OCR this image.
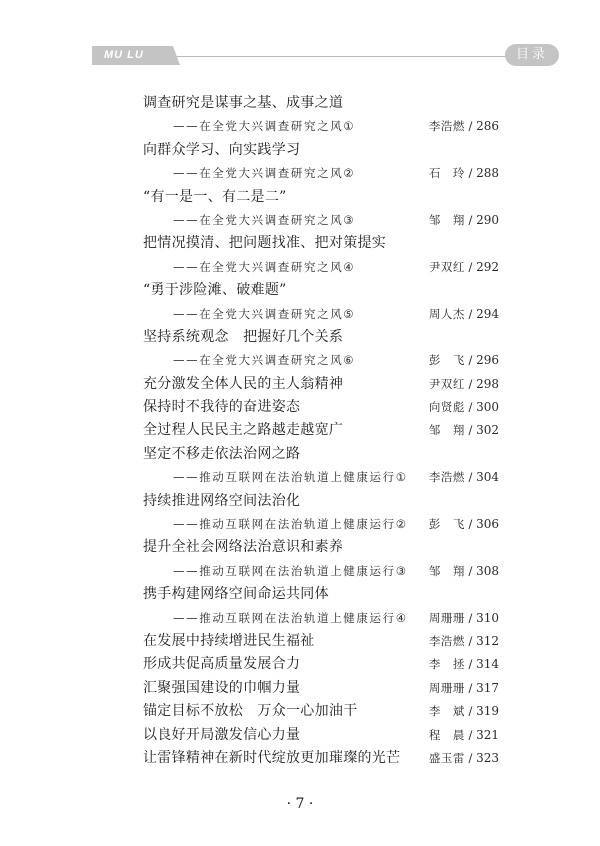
MU LU	目录
调查研究是谋事之基、成事之道
——在全党大兴调查研究之风①	李浩燃 / 286
向群众学习、向实践学习
——在全党大兴调查研究之风②	石　玲 / 288
“有一是一、有二是二”
——在全党大兴调查研究之风③	邹　翔 / 290
把情况摸清、把问题找准、把对策提实
——在全党大兴调查研究之风④	尹双红 / 292
“勇于涉险滩、破难题”
——在全党大兴调查研究之风⑤	周人杰 / 294
坚持系统观念　把握好几个关系
——在全党大兴调查研究之风⑥	彭　飞 / 296
充分激发全体人民的主人翁精神	尹双红 / 298
保持时不我待的奋进姿态	向贤彪 / 300
全过程人民民主之路越走越宽广	邹　翔 / 302
坚定不移走依法治网之路
——推动互联网在法治轨道上健康运行① 李浩燃 / 304
持续推进网络空间法治化
——推动互联网在法治轨道上健康运行② 彭　飞 / 306
提升全社会网络法治意识和素养
——推动互联网在法治轨道上健康运行③ 邹　翔 / 308
携手构建网络空间命运共同体
——推动互联网在法治轨道上健康运行④ 周珊珊 / 310
在发展中持续增进民生福祉	李浩燃 / 312
形成共促高质量发展合力	李　拯 / 314
汇聚强国建设的巾帼力量	周珊珊 / 317
锚定目标不放松　万众一心加油干	李　斌 / 319
以良好开局激发信心力量	程　晨 / 321
让雷锋精神在新时代绽放更加璀璨的光芒 盛玉雷 / 323
· 7 ·
